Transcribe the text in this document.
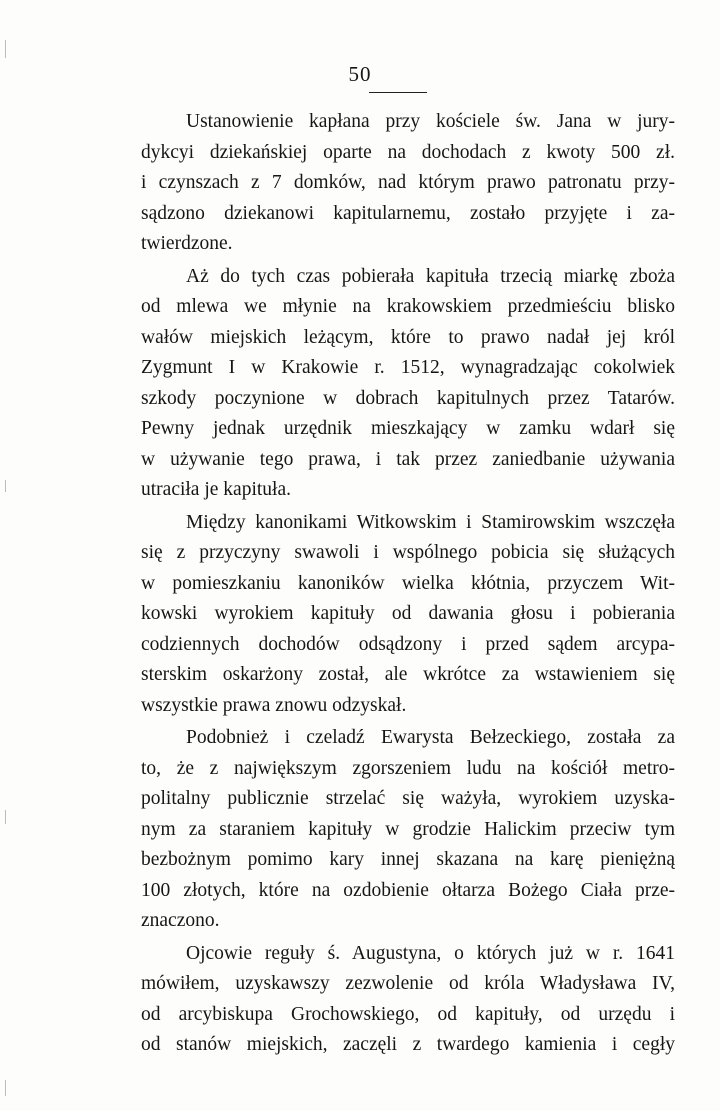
50
Ustanowienie kapłana przy kościele św. Jana w jury-
dykcyi dziekańskiej oparte na dochodach z kwoty 500 zł.
i czynszach z 7 domków, nad którym prawo patronatu przy-
sądzono dziekanowi kapitularnemu, zostało przyjęte i za-
twierdzone.
Aż do tych czas pobierała kapituła trzecią miarkę zboża
od mlewa we młynie na krakowskiem przedmieściu blisko
wałów miejskich leżącym, które to prawo nadał jej król
Zygmunt I w Krakowie r. 1512, wynagradzając cokolwiek
szkody poczynione w dobrach kapitulnych przez Tatarów.
Pewny jednak urzędnik mieszkający w zamku wdarł się
w używanie tego prawa, i tak przez zaniedbanie używania
utraciła je kapituła.
Między kanonikami Witkowskim i Stamirowskim wszczęła
się z przyczyny swawoli i wspólnego pobicia się służących
w pomieszkaniu kanoników wielka kłótnia, przyczem Wit-
kowski wyrokiem kapituły od dawania głosu i pobierania
codziennych dochodów odsądzony i przed sądem arcypa-
sterskim oskarżony został, ale wkrótce za wstawieniem się
wszystkie prawa znowu odzyskał.
Podobnież i czeladź Ewarysta Bełzeckiego, została za
to, że z największym zgorszeniem ludu na kościół metro-
politalny publicznie strzelać się ważyła, wyrokiem uzyska-
nym za staraniem kapituły w grodzie Halickim przeciw tym
bezbożnym pomimo kary innej skazana na karę pieniężną
100 złotych, które na ozdobienie ołtarza Bożego Ciała prze-
znaczono.
Ojcowie reguły ś. Augustyna, o których już w r. 1641
mówiłem, uzyskawszy zezwolenie od króla Władysława IV,
od arcybiskupa Grochowskiego, od kapituły, od urzędu i
od stanów miejskich, zaczęli z twardego kamienia i cegły
